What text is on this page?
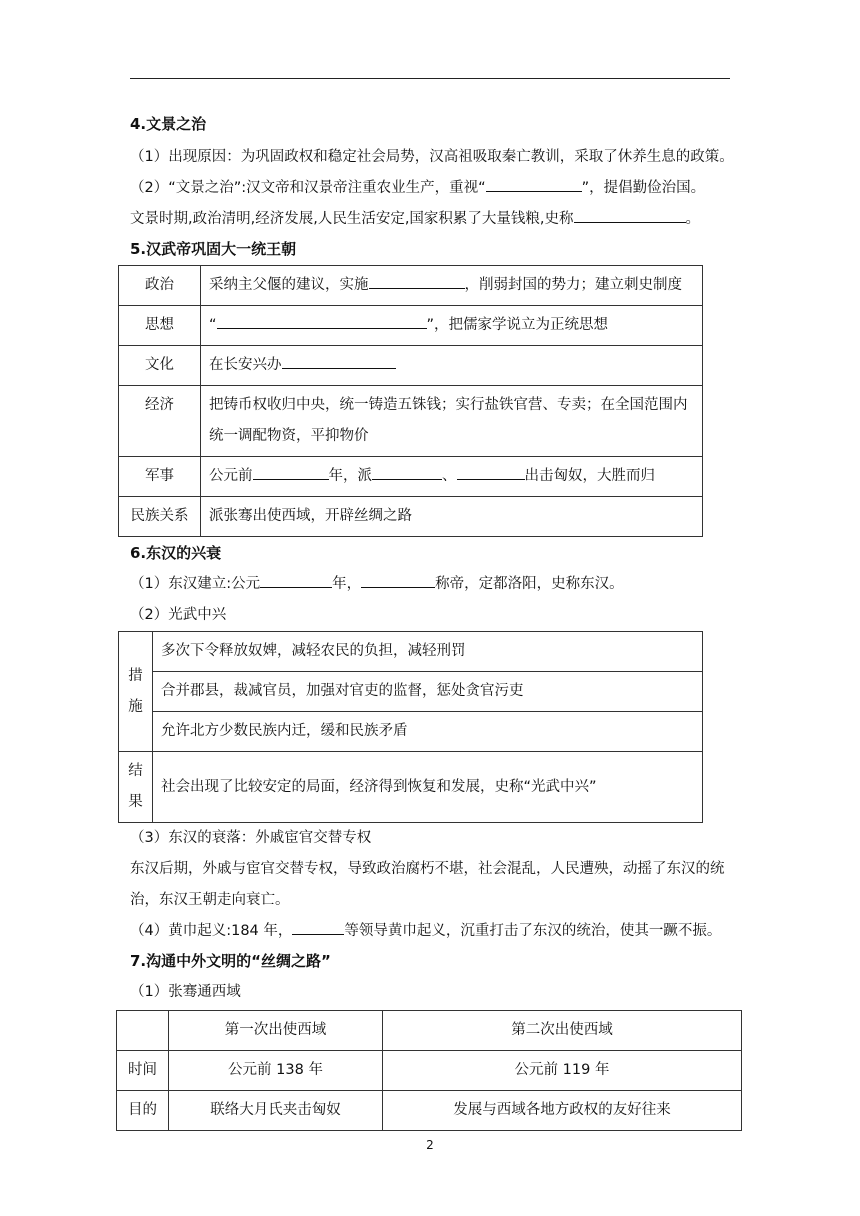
4.文景之治
（1）出现原因：为巩固政权和稳定社会局势，汉高祖吸取秦亡教训，采取了休养生息的政策。
（2）“文景之治”:汉文帝和汉景帝注重农业生产，重视“	”，提倡勤俭治国。
文景时期,政治清明,经济发展,人民生活安定,国家积累了大量钱粮,史称	。
5.汉武帝巩固大一统王朝
政治	采纳主父偃的建议，实施 ，削弱封国的势力；建立刺史制度
思想	“ ”，把儒家学说立为正统思想
文化	在长安兴办
经济	把铸币权收归中央，统一铸造五铢钱；实行盐铁官营、专卖；在全国范围内统一调配物资，平抑物价
军事	公元前 年，派 、 出击匈奴，大胜而归
民族关系	派张骞出使西域，开辟丝绸之路
6.东汉的兴衰
（1）东汉建立:公元	年，	称帝，定都洛阳，史称东汉。
（2）光武中兴
措施	多次下令释放奴婢，减轻农民的负担，减轻刑罚
	合并郡县，裁减官员，加强对官吏的监督，惩处贪官污吏
	允许北方少数民族内迁，缓和民族矛盾
结果	社会出现了比较安定的局面，经济得到恢复和发展，史称“光武中兴”
（3）东汉的衰落：外戚宦官交替专权
东汉后期，外戚与宦官交替专权，导致政治腐朽不堪，社会混乱，人民遭殃，动摇了东汉的统治，东汉王朝走向衰亡。
（4）黄巾起义:184 年，	等领导黄巾起义，沉重打击了东汉的统治，使其一蹶不振。
7.沟通中外文明的“丝绸之路”
（1）张骞通西域
	第一次出使西域	第二次出使西域
时间	公元前 138 年	公元前 119 年
目的	联络大月氏夹击匈奴	发展与西域各地方政权的友好往来
2
